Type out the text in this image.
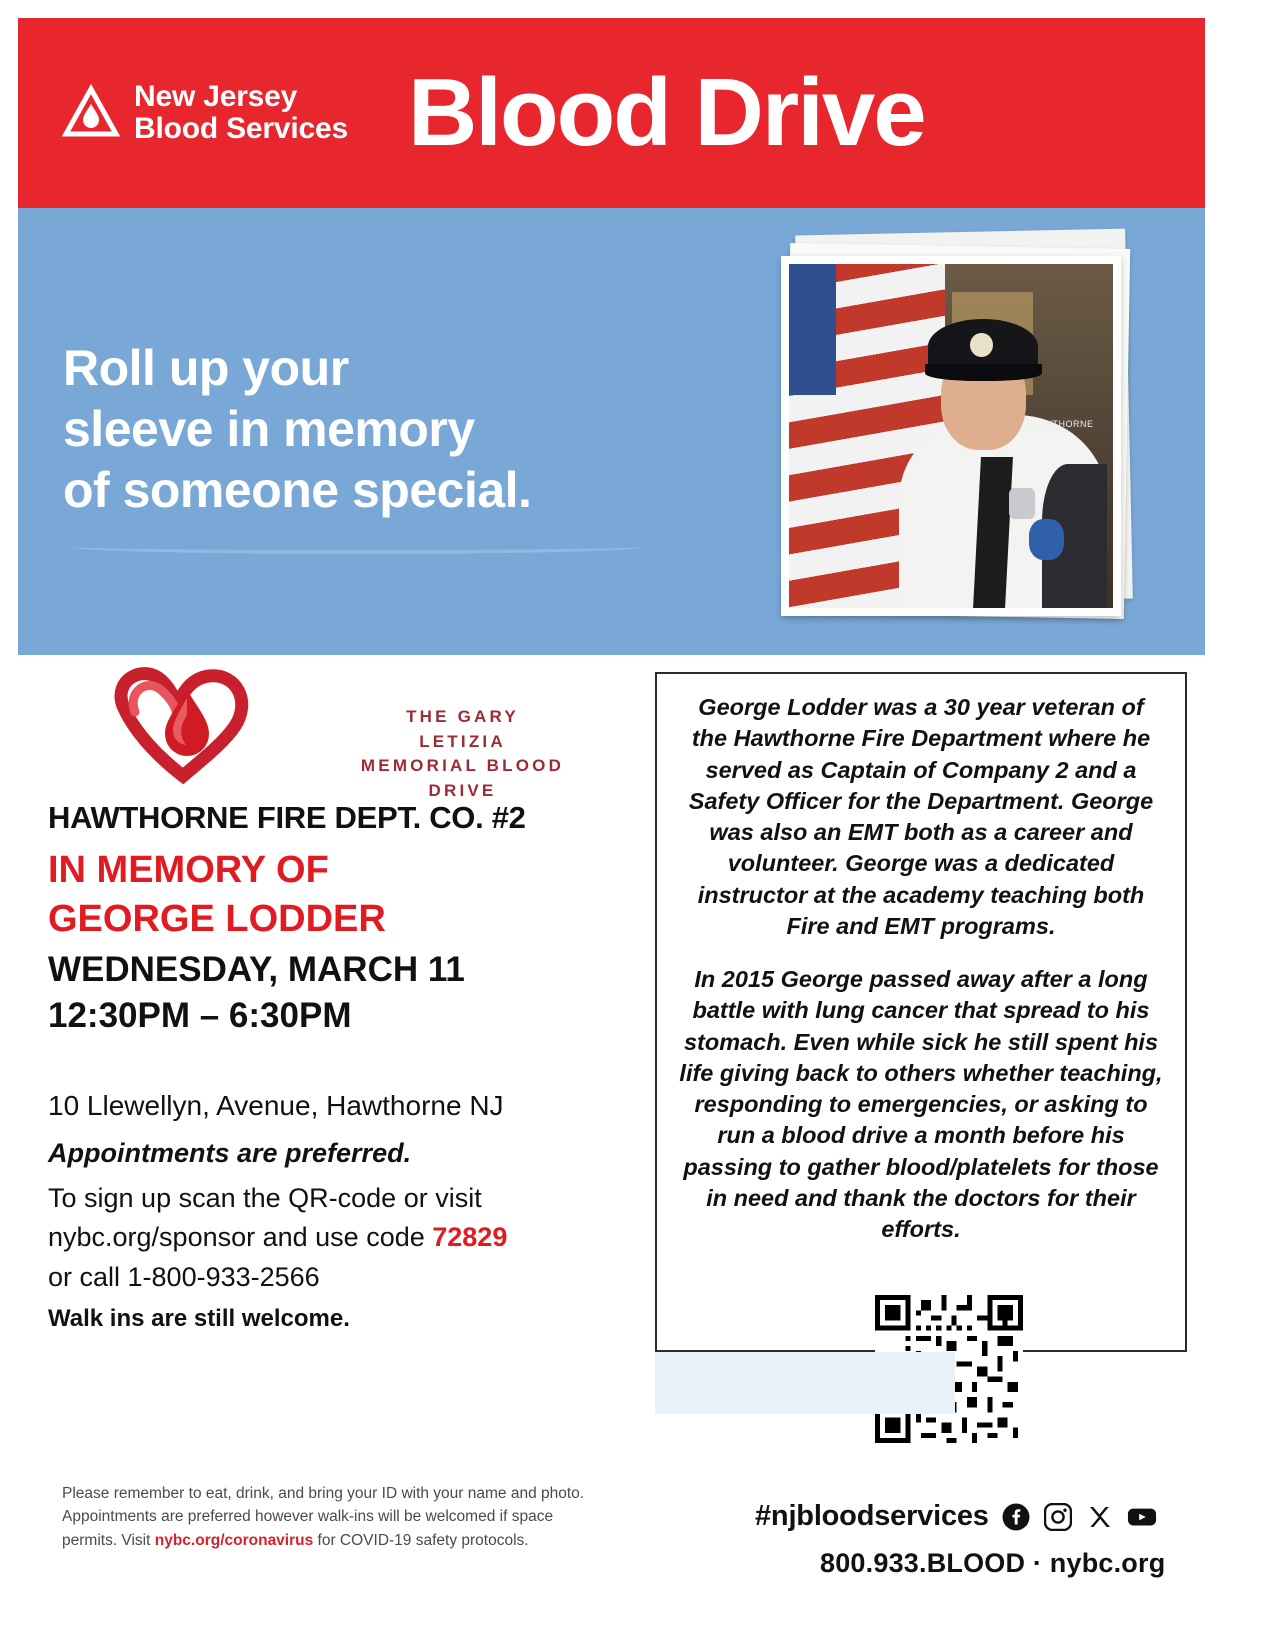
New Jersey
Blood Services Blood Drive
Roll up your
sleeve in memory
of someone special.
HAWTHORNE
THE GARY LETIZIA
MEMORIAL BLOOD DRIVE
HAWTHORNE FIRE DEPT. CO. #2
IN MEMORY OF
GEORGE LODDER
WEDNESDAY, MARCH 11
12:30PM – 6:30PM
10 Llewellyn, Avenue, Hawthorne NJ
Appointments are preferred.
To sign up scan the QR-code or visit
nybc.org/sponsor and use code 72829
or call 1-800-933-2566
Walk ins are still welcome.
Please remember to eat, drink, and bring your ID with your name and photo.
Appointments are preferred however walk-ins will be welcomed if space
permits. Visit nybc.org/coronavirus for COVID-19 safety protocols.

George Lodder was a 30 year veteran of the Hawthorne Fire Department where he served as Captain of Company 2 and a Safety Officer for the Department. George was also an EMT both as a career and volunteer. George was a dedicated instructor at the academy teaching both Fire and EMT programs.

In 2015 George passed away after a long battle with lung cancer that spread to his stomach. Even while sick he still spent his life giving back to others whether teaching, responding to emergencies, or asking to run a blood drive a month before his passing to gather blood/platelets for those in need and thank the doctors for their efforts.

#njbloodservices
800.933.BLOOD · nybc.org
